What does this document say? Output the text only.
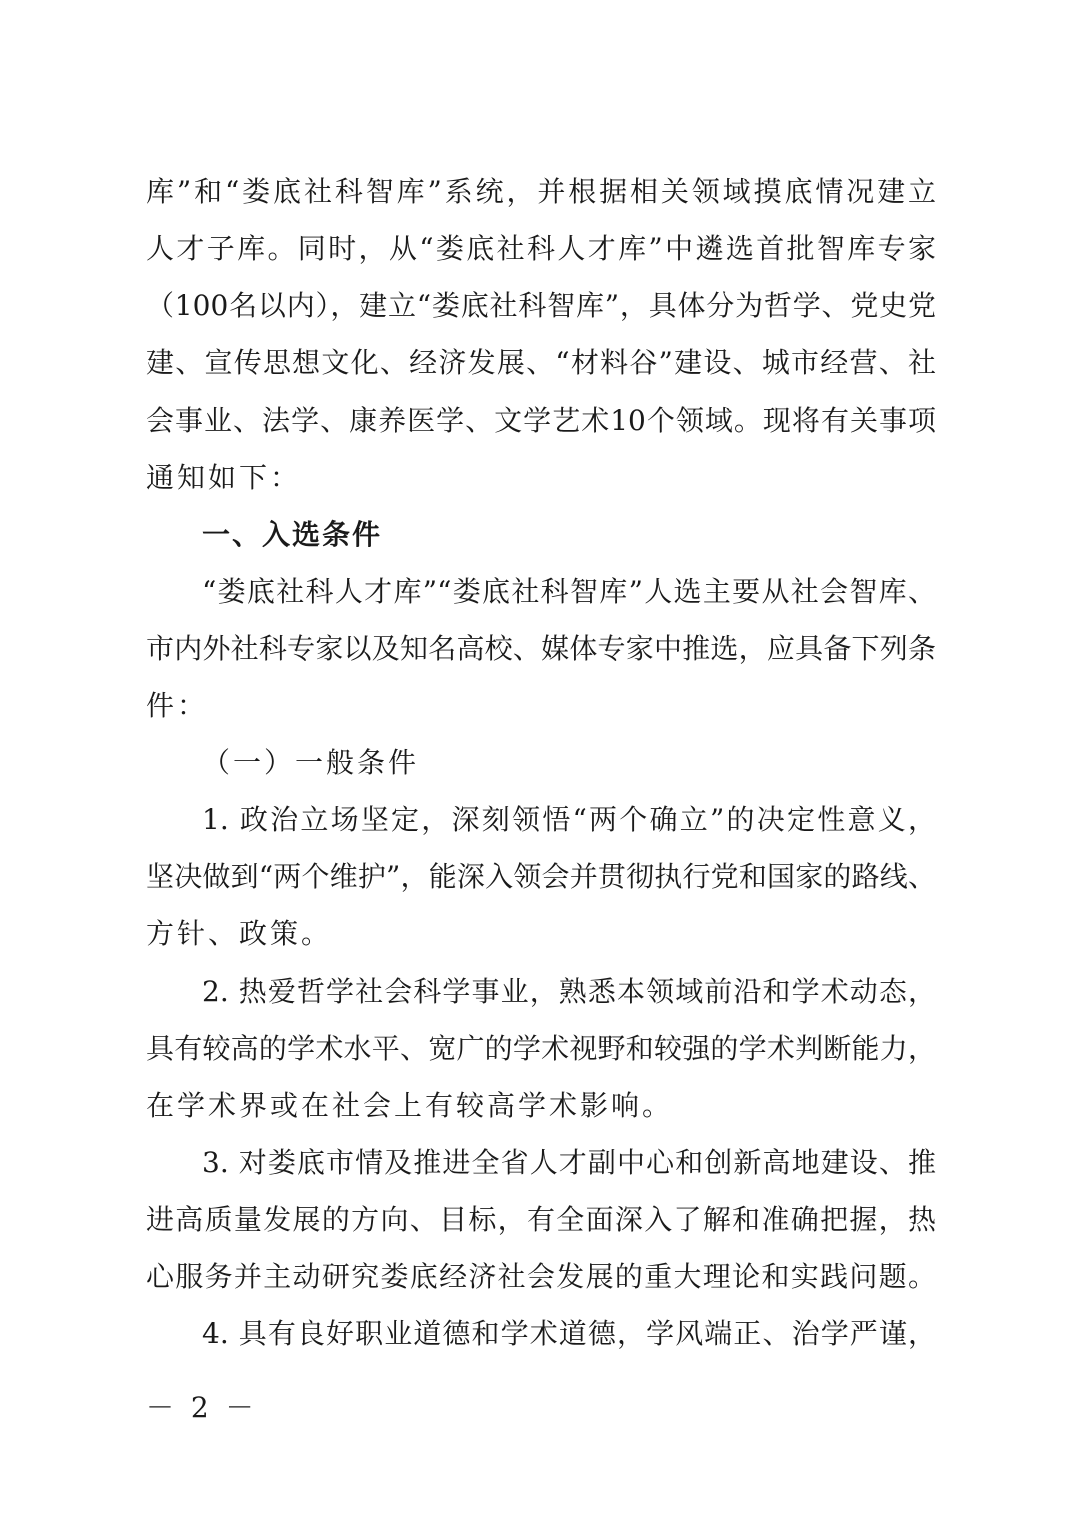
库”和“娄底社科智库”系统，并根据相关领域摸底情况建立
人才子库。同时，从“娄底社科人才库”中遴选首批智库专家
（100名以内），建立“娄底社科智库”，具体分为哲学、党史党
建、宣传思想文化、经济发展、“材料谷”建设、城市经营、社
会事业、法学、康养医学、文学艺术10个领域。现将有关事项
通知如下：
一、入选条件
“娄底社科人才库”“娄底社科智库”人选主要从社会智库、
市内外社科专家以及知名高校、媒体专家中推选，应具备下列条
件：
（一）一般条件
1. 政治立场坚定，深刻领悟“两个确立”的决定性意义，
坚决做到“两个维护”，能深入领会并贯彻执行党和国家的路线、
方针、政策。
2. 热爱哲学社会科学事业，熟悉本领域前沿和学术动态，
具有较高的学术水平、宽广的学术视野和较强的学术判断能力，
在学术界或在社会上有较高学术影响。
3. 对娄底市情及推进全省人才副中心和创新高地建设、推
进高质量发展的方向、目标，有全面深入了解和准确把握，热
心服务并主动研究娄底经济社会发展的重大理论和实践问题。
4. 具有良好职业道德和学术道德，学风端正、治学严谨，
－ 2 －
